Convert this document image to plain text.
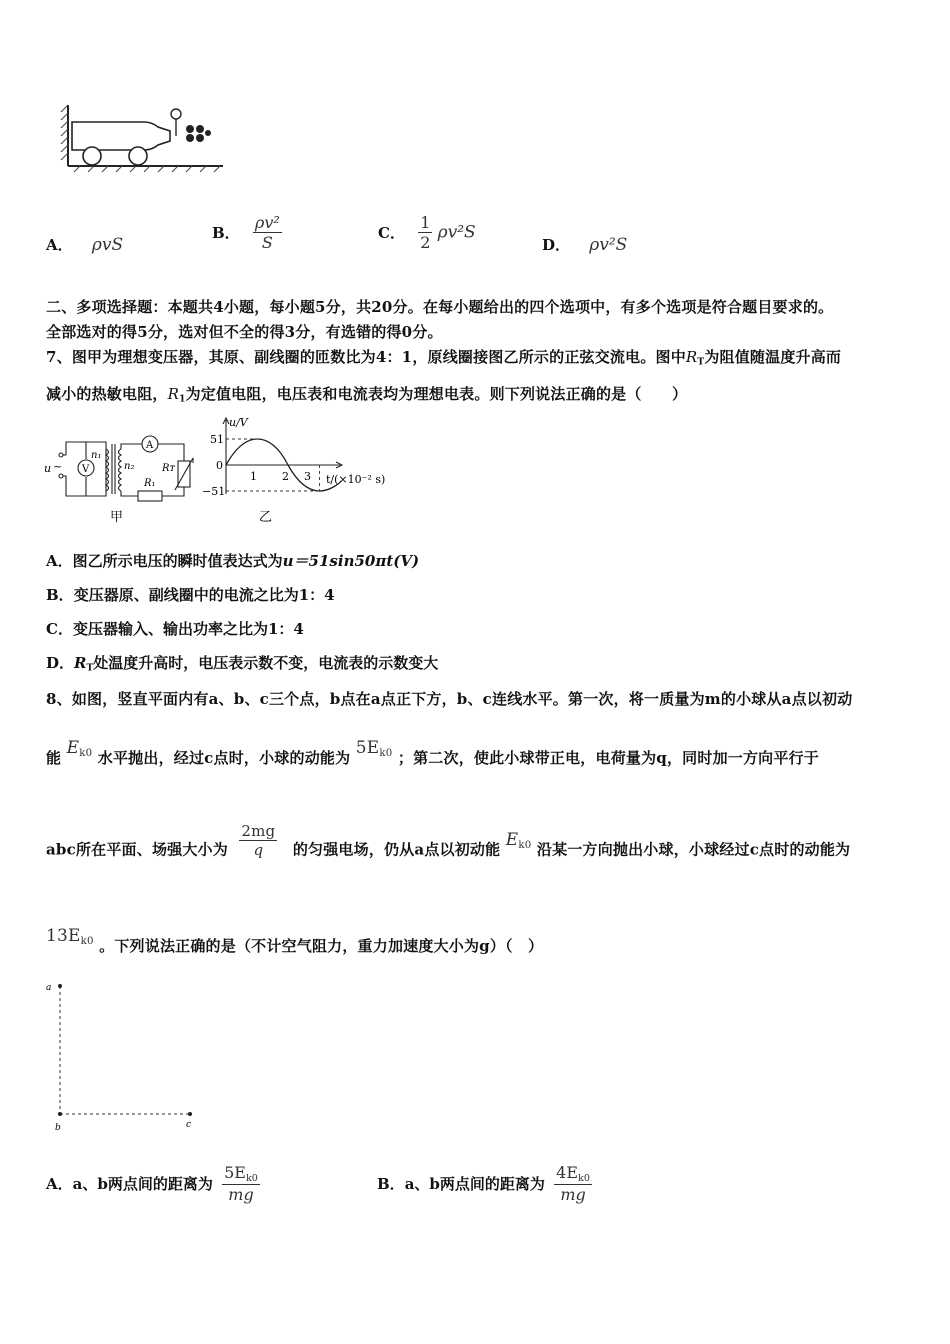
A． ρvS
B． $\frac{\text{ρv²}}{S}$	C． $\frac{1}{2} \rho v^2S$
D． ρv²S
二、多项选择题：本题共4小题，每小题5分，共20分。在每小题给出的四个选项中，有多个选项是符合题目要求的。
全部选对的得5分，选对但不全的得3分，有选错的得0分。
7、图甲为理想变压器，其原、副线圈的匝数比为4：1，原线圈接图乙所示的正弦交流电。图中$R_T$为阻值随温度升高而
减小的热敏电阻，$R_1$为定值电阻，电压表和电流表均为理想电表。则下列说法正确的是（　　）
u ~ V
A
n₁
n₂
R₁
Rᴛ
甲
u/V
51
0
−51
1 2 3 t/(×10⁻² s)
乙
A．图乙所示电压的瞬时值表达式为u＝51sin50πt(V)
B．变压器原、副线圈中的电流之比为1：4
C．变压器输入、输出功率之比为1：4
D．$R_T$处温度升高时，电压表示数不变，电流表的示数变大
8、如图，竖直平面内有a、b、c三个点，b点在a点正下方，b、c连线水平。第一次，将一质量为m的小球从a点以初动
能 $E_{k0}$ 水平抛出，经过c点时，小球的动能为 $5E_{k0}$ ；第二次，使此小球带正电，电荷量为q，同时加一方向平行于
abc所在平面、场强大小为 $\frac{2mg}{q}$ 的匀强电场，仍从a点以初动能 $E_{k0}$ 沿某一方向抛出小球，小球经过c点时的动能为
$13E_{k0}$ 。下列说法正确的是（不计空气阻力，重力加速度大小为g）（　）
a
b	c
A．a、b两点间的距离为 $\frac{5E_{k0}}{mg}$	B．a、b两点间的距离为 $\frac{4E_{k0}}{mg}$
